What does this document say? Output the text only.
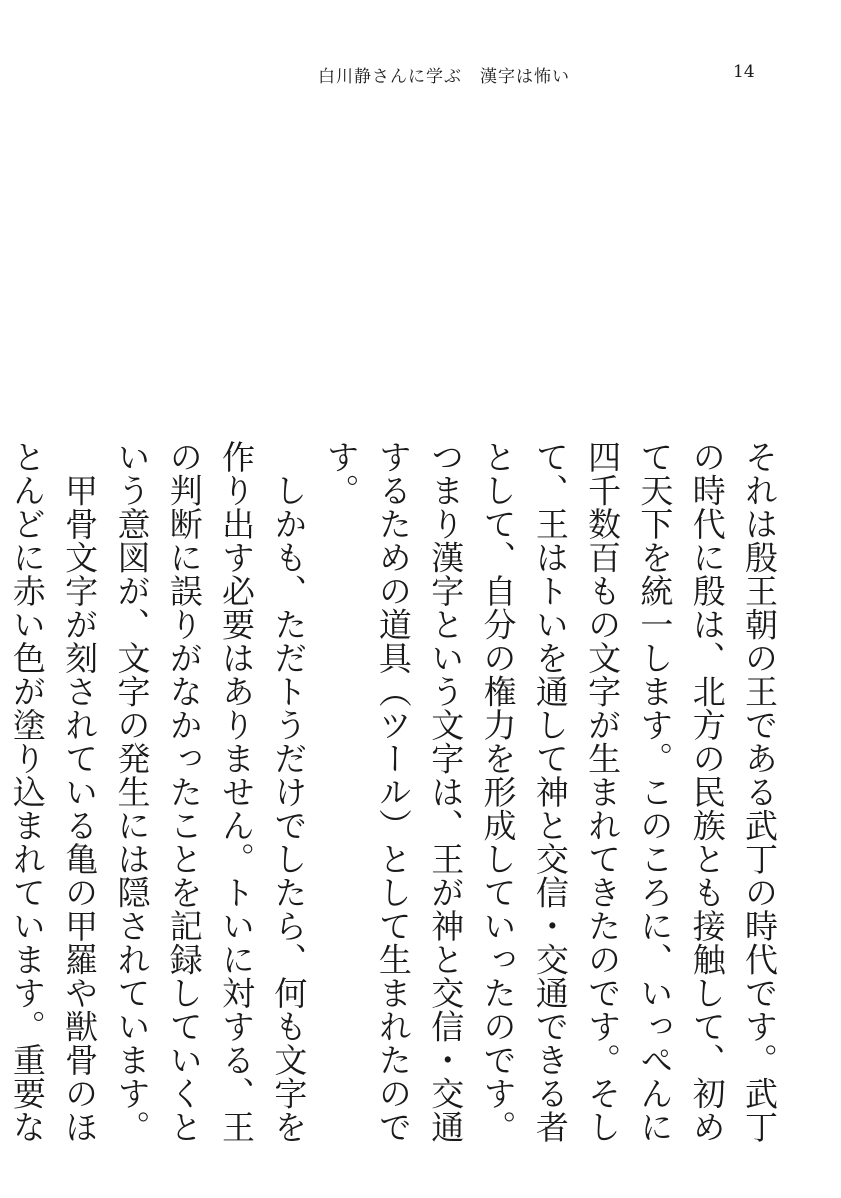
白川静さんに学ぶ　漢字は怖い	14

それは殷王朝の王である武丁の時代です。武丁の時代に殷は、北方の民族とも接触して、初めて天下を統一します。このころに、いっぺんに四千数百もの文字が生まれてきたのです。そして、王はトいを通して神と交信・交通できる者として、自分の権力を形成していったのです。つまり漢字という文字は、王が神と交信・交通するための道具（ツール）として生まれたのです。

　しかも、ただトうだけでしたら、何も文字を作り出す必要はありません。トいに対する、王の判断に誤りがなかったことを記録していくという意図が、文字の発生には隠されています。

　甲骨文字が刻されている亀の甲羅や獣骨のほとんどに赤い色が塗り込まれています。重要な
